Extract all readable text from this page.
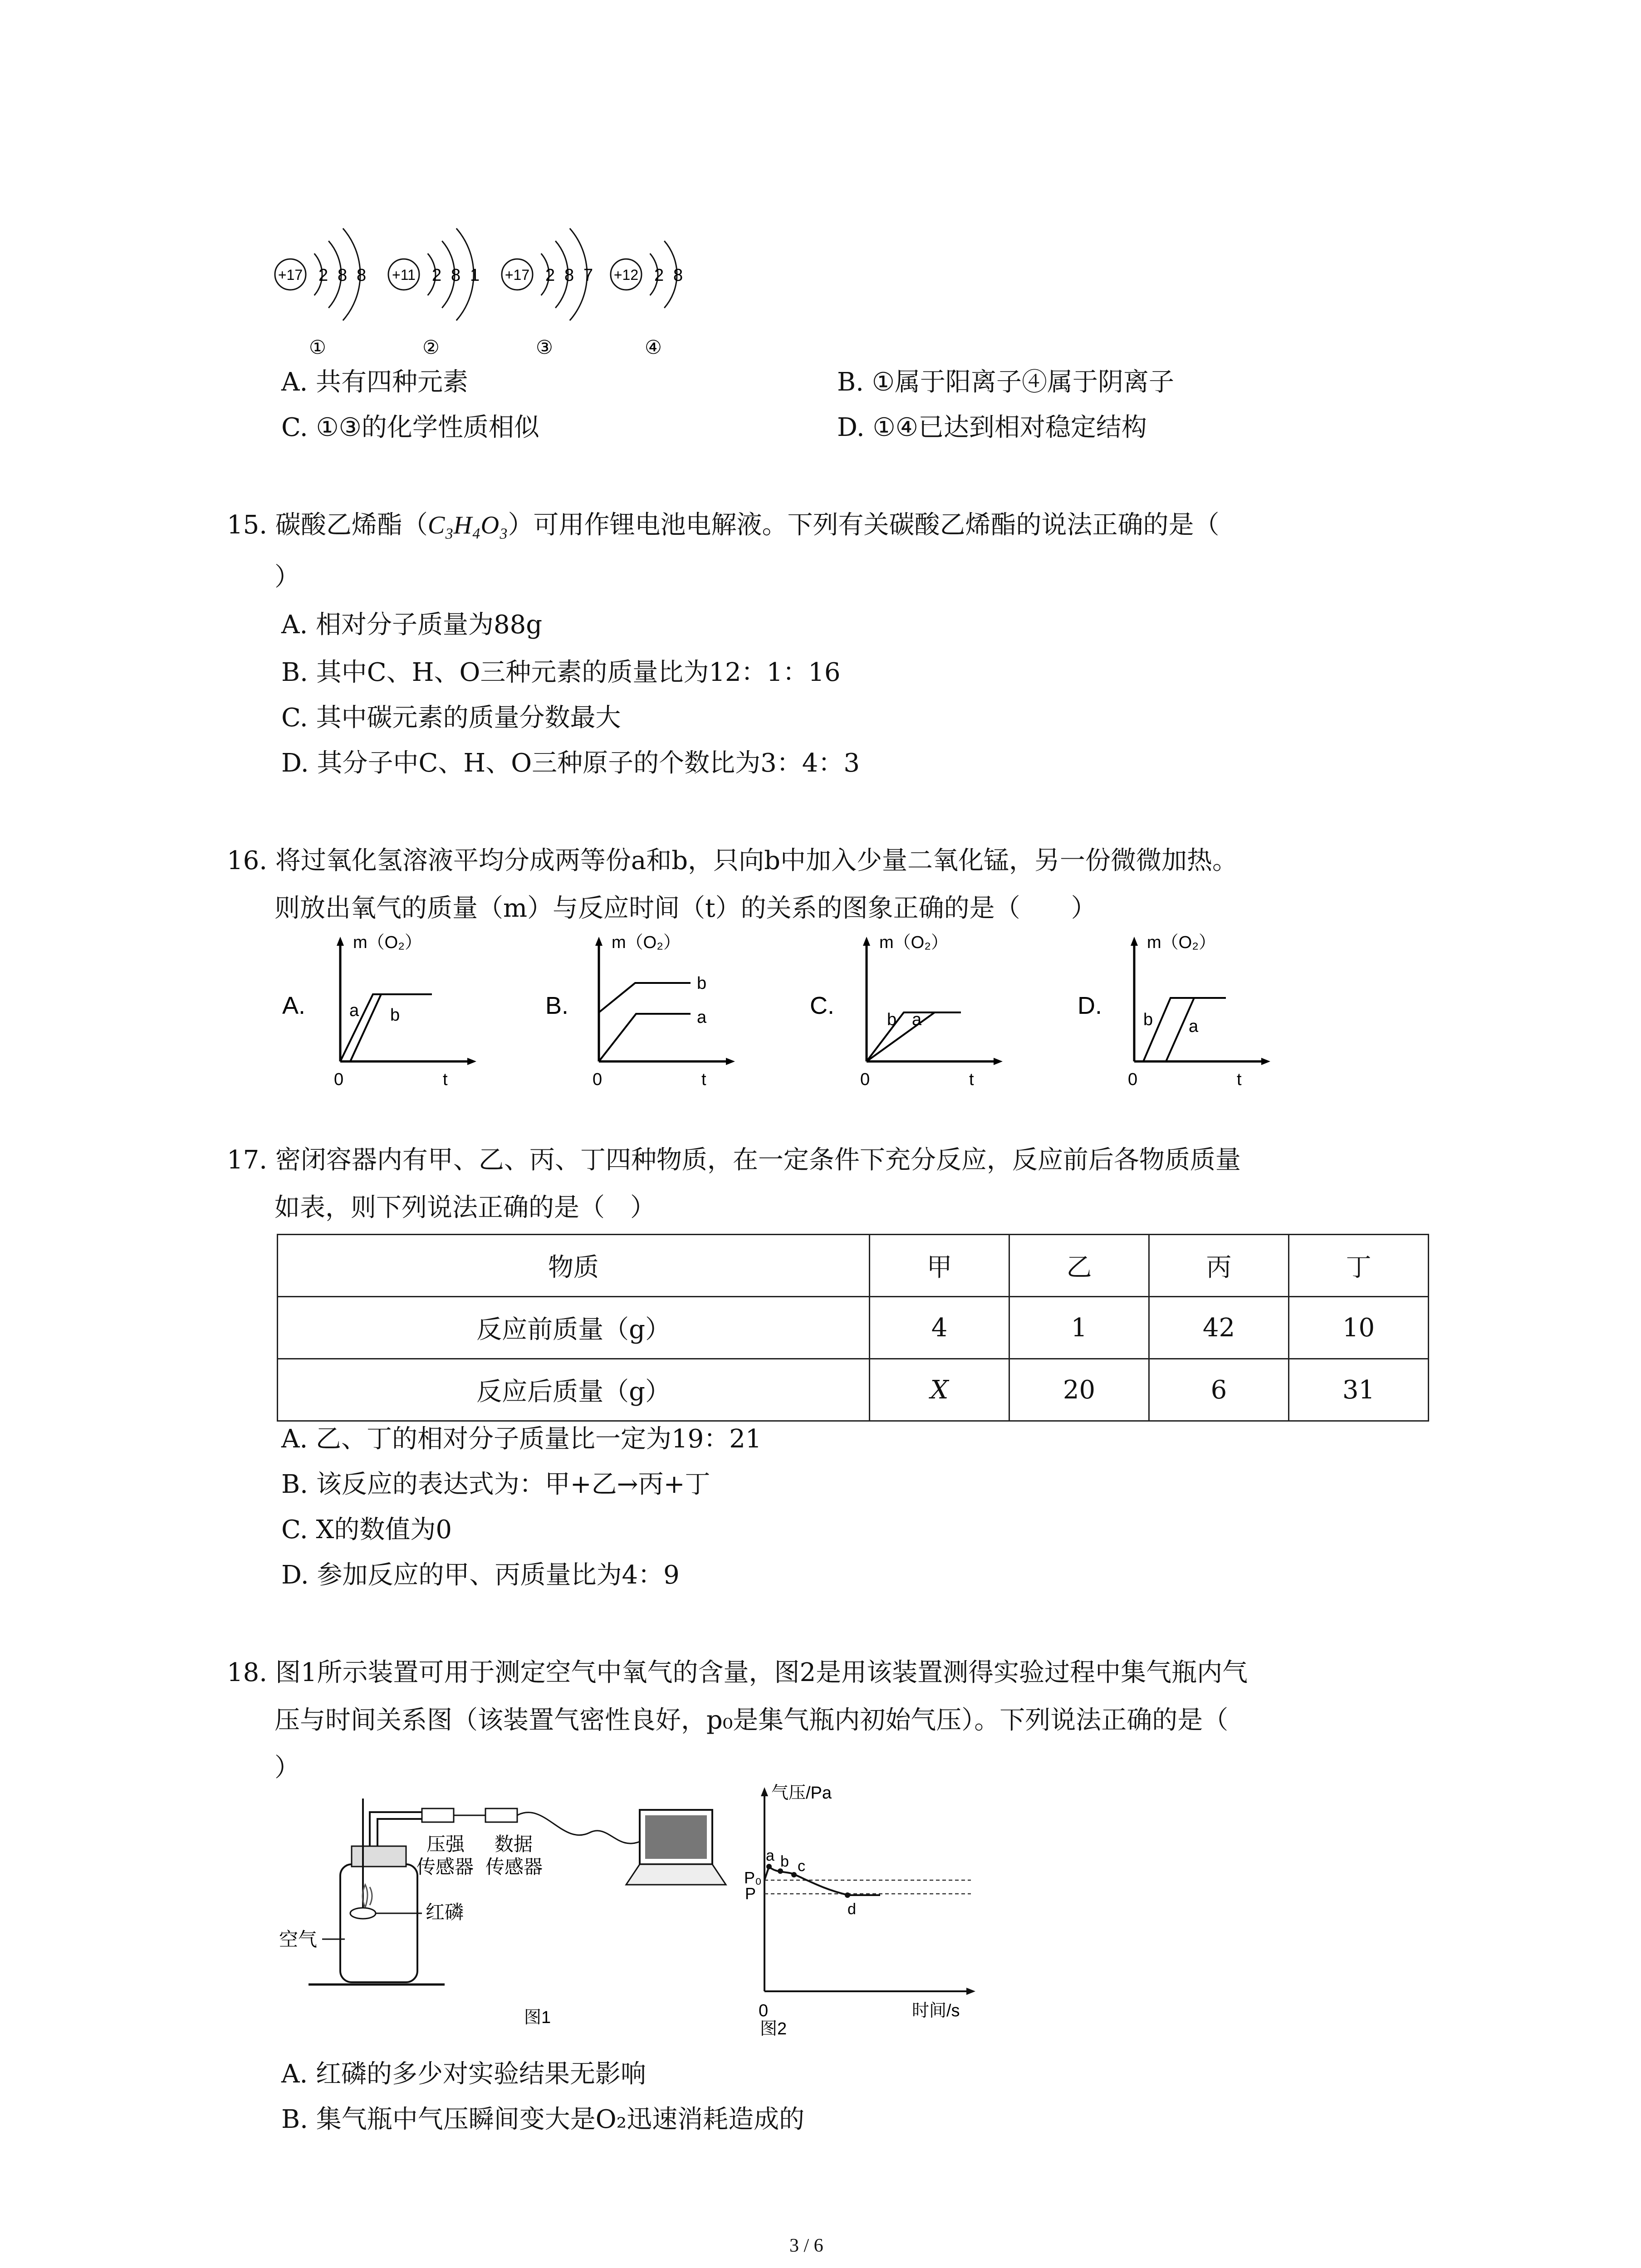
+17 2 8 8
①
+11 2 8 1
②
+17 2 8 7
③
+12 2 8
④
A. 共有四种元素	B. ①属于阳离子④属于阴离子
C. ①③的化学性质相似	D. ①④已达到相对稳定结构
15. 碳酸乙烯酯（C₃H₄O₃）可用作锂电池电解液。下列有关碳酸乙烯酯的说法正确的是（
）
A. 相对分子质量为88g
B. 其中C、H、O三种元素的质量比为12：1：16
C. 其中碳元素的质量分数最大
D. 其分子中C、H、O三种原子的个数比为3：4：3
16. 将过氧化氢溶液平均分成两等份a和b，只向b中加入少量二氧化锰，另一份微微加热。
则放出氧气的质量（m）与反应时间（t）的关系的图象正确的是（　　）
A.
m（O₂）
0	t
a b	B.
m（O₂）
0	t
b
a	C.
m（O₂）
0	t
b a
D.
m（O₂）
0	t
b a
17. 密闭容器内有甲、乙、丙、丁四种物质，在一定条件下充分反应，反应前后各物质质量
如表，则下列说法正确的是（　）
物质	甲	乙	丙	丁
反应前质量（g）	4	1	42	10
反应后质量（g）	X	20	6	31
A. 乙、丁的相对分子质量比一定为19：21
B. 该反应的表达式为：甲+乙→丙+丁
C. X的数值为0
D. 参加反应的甲、丙质量比为4：9
18. 图1所示装置可用于测定空气中氧气的含量，图2是用该装置测得实验过程中集气瓶内气
压与时间关系图（该装置气密性良好，p₀是集气瓶内初始气压）。下列说法正确的是（
）
红磷
空气
压强
传感器
数据
传感器
图1
气压/Pa
时间/s
0
P₀
P
a b c
d
图2
A. 红磷的多少对实验结果无影响
B. 集气瓶中气压瞬间变大是O₂迅速消耗造成的
3 / 6
